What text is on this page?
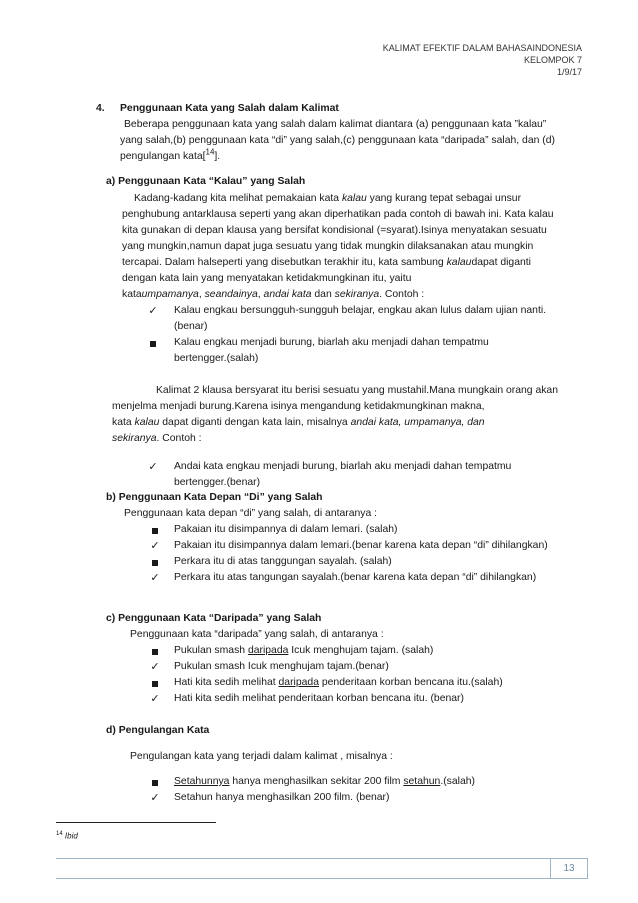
KALIMAT EFEKTIF DALAM BAHASAINDONESIA
KELOMPOK 7
1/9/17
4. Penggunaan Kata yang Salah dalam Kalimat
Beberapa penggunaan kata yang salah dalam kalimat diantara (a) penggunaan kata ”kalau”
yang salah,(b) penggunaan kata “di” yang salah,(c) penggunaan kata “daripada” salah, dan (d)
pengulangan kata[$^{14}$].
a) Penggunaan Kata “Kalau” yang Salah
Kadang-kadang kita melihat pemakaian kata kalau yang kurang tepat sebagai unsur
penghubung antarklausa seperti yang akan diperhatikan pada contoh di bawah ini. Kata kalau
kita gunakan di depan klausa yang bersifat kondisional (=syarat).Isinya menyatakan sesuatu
yang mungkin,namun dapat juga sesuatu yang tidak mungkin dilaksanakan atau mungkin
tercapai. Dalam halseperti yang disebutkan terakhir itu, kata sambung kalaudapat diganti
dengan kata lain yang menyatakan ketidakmungkinan itu, yaitu
kataumpamanya, seandainya, andai kata dan sekiranya. Contoh :
✓ Kalau engkau bersungguh-sungguh belajar, engkau akan lulus dalam ujian nanti.
(benar)
Kalau engkau menjadi burung, biarlah aku menjadi dahan tempatmu
bertengger.(salah)
Kalimat 2 klausa bersyarat itu berisi sesuatu yang mustahil.Mana mungkain orang akan
menjelma menjadi burung.Karena isinya mengandung ketidakmungkinan makna,
kata kalau dapat diganti dengan kata lain, misalnya andai kata, umpamanya, dan
sekiranya. Contoh :
✓ Andai kata engkau menjadi burung, biarlah aku menjadi dahan tempatmu
bertengger.(benar)
b) Penggunaan Kata Depan “Di” yang Salah
Penggunaan kata depan “di” yang salah, di antaranya :
Pakaian itu disimpannya di dalam lemari. (salah)
✓ Pakaian itu disimpannya dalam lemari.(benar karena kata depan “di” dihilangkan)
Perkara itu di atas tanggungan sayalah. (salah)
✓ Perkara itu atas tangungan sayalah.(benar karena kata depan “di” dihilangkan)
c) Penggunaan Kata “Daripada” yang Salah
Penggunaan kata “daripada” yang salah, di antaranya :
Pukulan smash daripada Icuk menghujam tajam. (salah)
✓ Pukulan smash Icuk menghujam tajam.(benar)
Hati kita sedih melihat daripada penderitaan korban bencana itu.(salah)
✓ Hati kita sedih melihat penderitaan korban bencana itu. (benar)
d) Pengulangan Kata
Pengulangan kata yang terjadi dalam kalimat , misalnya :
Setahunnya hanya menghasilkan sekitar 200 film setahun.(salah)
✓ Setahun hanya menghasilkan 200 film. (benar)
$^{14}$ Ibid
13
